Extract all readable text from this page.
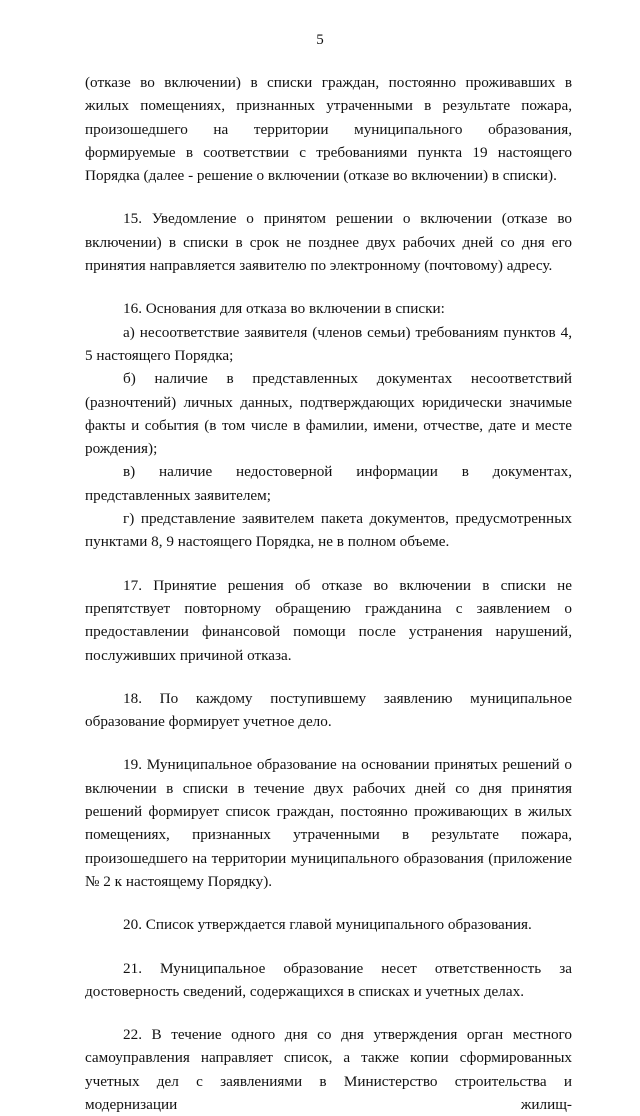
5

(отказе во включении) в списки граждан, постоянно проживавших в жилых помещениях, признанных утраченными в результате пожара, произошедшего на территории муниципального образования, формируемые в соответствии с требованиями пункта 19 настоящего Порядка (далее - решение о включении (отказе во включении) в списки).

15. Уведомление о принятом решении о включении (отказе во включении) в списки в срок не позднее двух рабочих дней со дня его принятия направляется заявителю по электронному (почтовому) адресу.

16. Основания для отказа во включении в списки:

а) несоответствие заявителя (членов семьи) требованиям пунктов 4, 5 настоящего Порядка;

б) наличие в представленных документах несоответствий (разночтений) личных данных, подтверждающих юридически значимые факты и события (в том числе в фамилии, имени, отчестве, дате и месте рождения);

в) наличие недостоверной информации в документах, представленных заявителем;

г) представление заявителем пакета документов, предусмотренных пунктами 8, 9 настоящего Порядка, не в полном объеме.

17. Принятие решения об отказе во включении в списки не препятствует повторному обращению гражданина с заявлением о предоставлении финансовой помощи после устранения нарушений, послуживших причиной отказа.

18. По каждому поступившему заявлению муниципальное образование формирует учетное дело.

19. Муниципальное образование на основании принятых решений о включении в списки в течение двух рабочих дней со дня принятия решений формирует список граждан, постоянно проживающих в жилых помещениях, признанных утраченными в результате пожара, произошедшего на территории муниципального образования (приложение № 2 к настоящему Порядку).

20. Список утверждается главой муниципального образования.

21. Муниципальное образование несет ответственность за достоверность сведений, содержащихся в списках и учетных делах.

22. В течение одного дня со дня утверждения орган местного самоуправления направляет список, а также копии сформированных учетных дел с заявлениями в Министерство строительства и модернизации жилищ-
